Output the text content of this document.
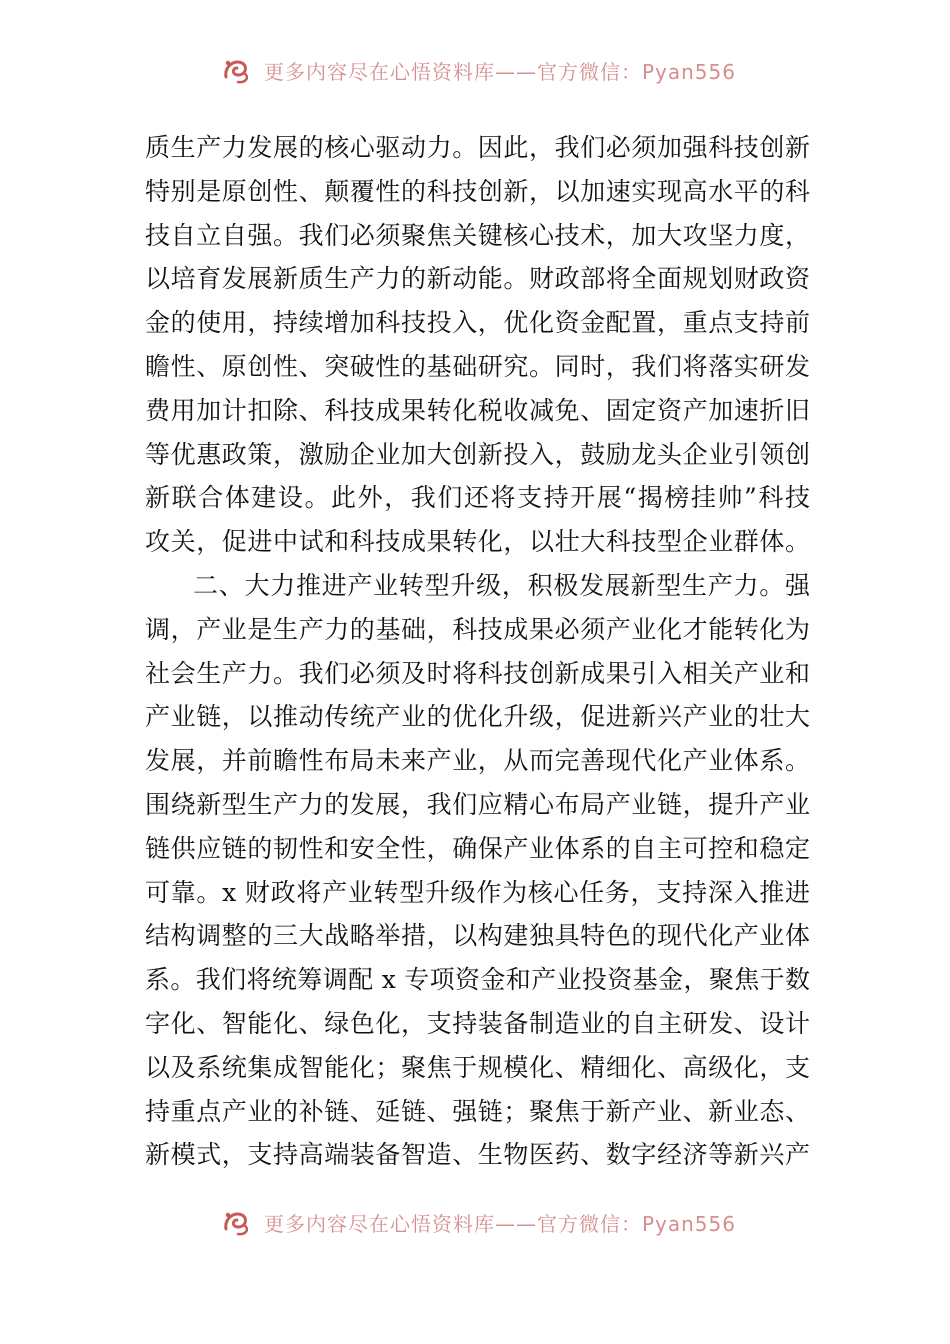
更多内容尽在心悟资料库——官方微信：Pyan556
质生产力发展的核心驱动力。因此，我们必须加强科技创新
特别是原创性、颠覆性的科技创新，以加速实现高水平的科
技自立自强。我们必须聚焦关键核心技术，加大攻坚力度，
以培育发展新质生产力的新动能。财政部将全面规划财政资
金的使用，持续增加科技投入，优化资金配置，重点支持前
瞻性、原创性、突破性的基础研究。同时，我们将落实研发
费用加计扣除、科技成果转化税收减免、固定资产加速折旧
等优惠政策，激励企业加大创新投入，鼓励龙头企业引领创
新联合体建设。此外，我们还将支持开展“揭榜挂帅”科技
攻关，促进中试和科技成果转化，以壮大科技型企业群体。
二、大力推进产业转型升级，积极发展新型生产力。强
调，产业是生产力的基础，科技成果必须产业化才能转化为
社会生产力。我们必须及时将科技创新成果引入相关产业和
产业链，以推动传统产业的优化升级，促进新兴产业的壮大
发展，并前瞻性布局未来产业，从而完善现代化产业体系。
围绕新型生产力的发展，我们应精心布局产业链，提升产业
链供应链的韧性和安全性，确保产业体系的自主可控和稳定
可靠。x 财政将产业转型升级作为核心任务，支持深入推进
结构调整的三大战略举措，以构建独具特色的现代化产业体
系。我们将统筹调配 x 专项资金和产业投资基金，聚焦于数
字化、智能化、绿色化，支持装备制造业的自主研发、设计
以及系统集成智能化；聚焦于规模化、精细化、高级化，支
持重点产业的补链、延链、强链；聚焦于新产业、新业态、
新模式，支持高端装备智造、生物医药、数字经济等新兴产
更多内容尽在心悟资料库——官方微信：Pyan556
